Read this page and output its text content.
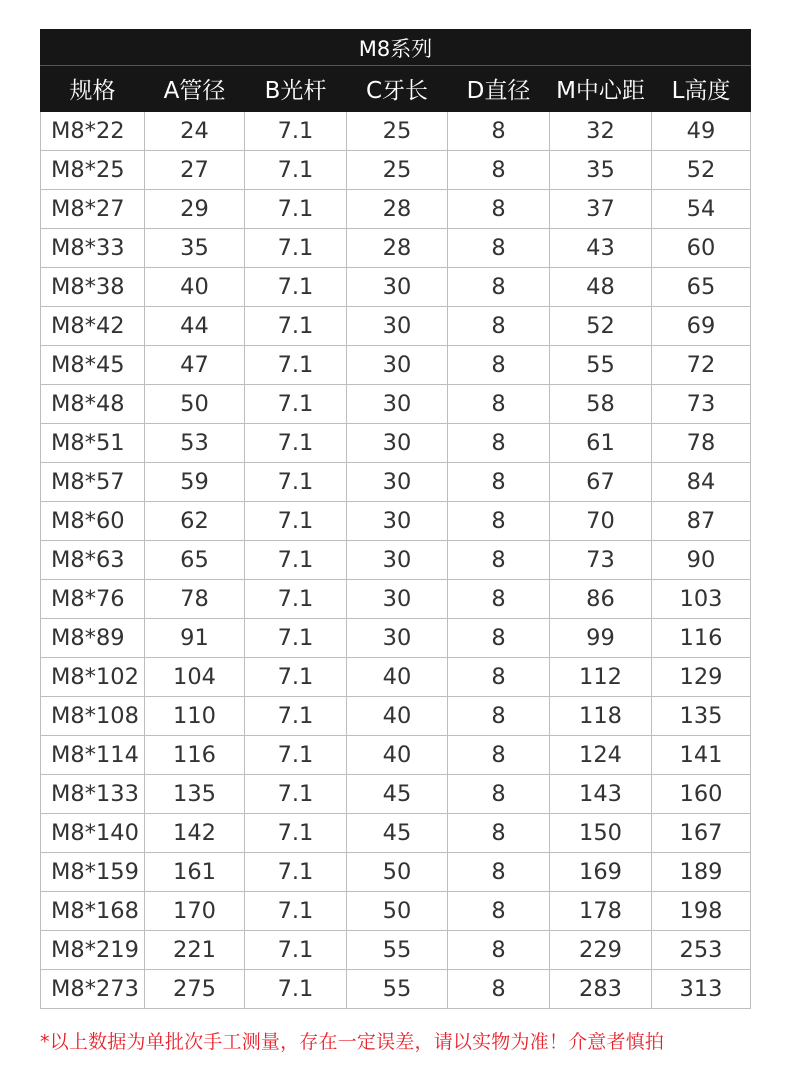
M8系列						
规格	A管径	B光杆	C牙长	D直径	M中心距	L高度
M8*22	24	7.1	25	8	32	49
M8*25	27	7.1	25	8	35	52
M8*27	29	7.1	28	8	37	54
M8*33	35	7.1	28	8	43	60
M8*38	40	7.1	30	8	48	65
M8*42	44	7.1	30	8	52	69
M8*45	47	7.1	30	8	55	72
M8*48	50	7.1	30	8	58	73
M8*51	53	7.1	30	8	61	78
M8*57	59	7.1	30	8	67	84
M8*60	62	7.1	30	8	70	87
M8*63	65	7.1	30	8	73	90
M8*76	78	7.1	30	8	86	103
M8*89	91	7.1	30	8	99	116
M8*102	104	7.1	40	8	112	129
M8*108	110	7.1	40	8	118	135
M8*114	116	7.1	40	8	124	141
M8*133	135	7.1	45	8	143	160
M8*140	142	7.1	45	8	150	167
M8*159	161	7.1	50	8	169	189
M8*168	170	7.1	50	8	178	198
M8*219	221	7.1	55	8	229	253
M8*273	275	7.1	55	8	283	313
*以上数据为单批次手工测量，存在一定误差，请以实物为准！介意者慎拍
